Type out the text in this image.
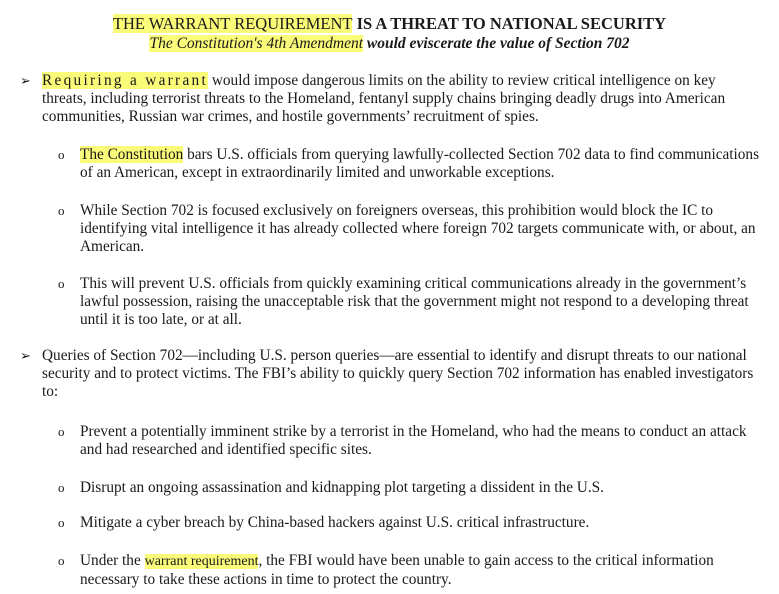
THE WARRANT REQUIREMENT IS A THREAT TO NATIONAL SECURITY
The Constitution's 4th Amendment would eviscerate the value of Section 702
➢ Requiring a warrant would impose dangerous limits on the ability to review critical intelligence on key threats, including terrorist threats to the Homeland, fentanyl supply chains bringing deadly drugs into American communities, Russian war crimes, and hostile governments’ recruitment of spies.
o The Constitution bars U.S. officials from querying lawfully-collected Section 702 data to find communications of an American, except in extraordinarily limited and unworkable exceptions.
o While Section 702 is focused exclusively on foreigners overseas, this prohibition would block the IC to identifying vital intelligence it has already collected where foreign 702 targets communicate with, or about, an American.
o This will prevent U.S. officials from quickly examining critical communications already in the government’s lawful possession, raising the unacceptable risk that the government might not respond to a developing threat until it is too late, or at all.
➢ Queries of Section 702—including U.S. person queries—are essential to identify and disrupt threats to our national security and to protect victims. The FBI’s ability to quickly query Section 702 information has enabled investigators to:
o Prevent a potentially imminent strike by a terrorist in the Homeland, who had the means to conduct an attack and had researched and identified specific sites.
o Disrupt an ongoing assassination and kidnapping plot targeting a dissident in the U.S.
o Mitigate a cyber breach by China-based hackers against U.S. critical infrastructure.
o Under the warrant requirement, the FBI would have been unable to gain access to the critical information necessary to take these actions in time to protect the country.
